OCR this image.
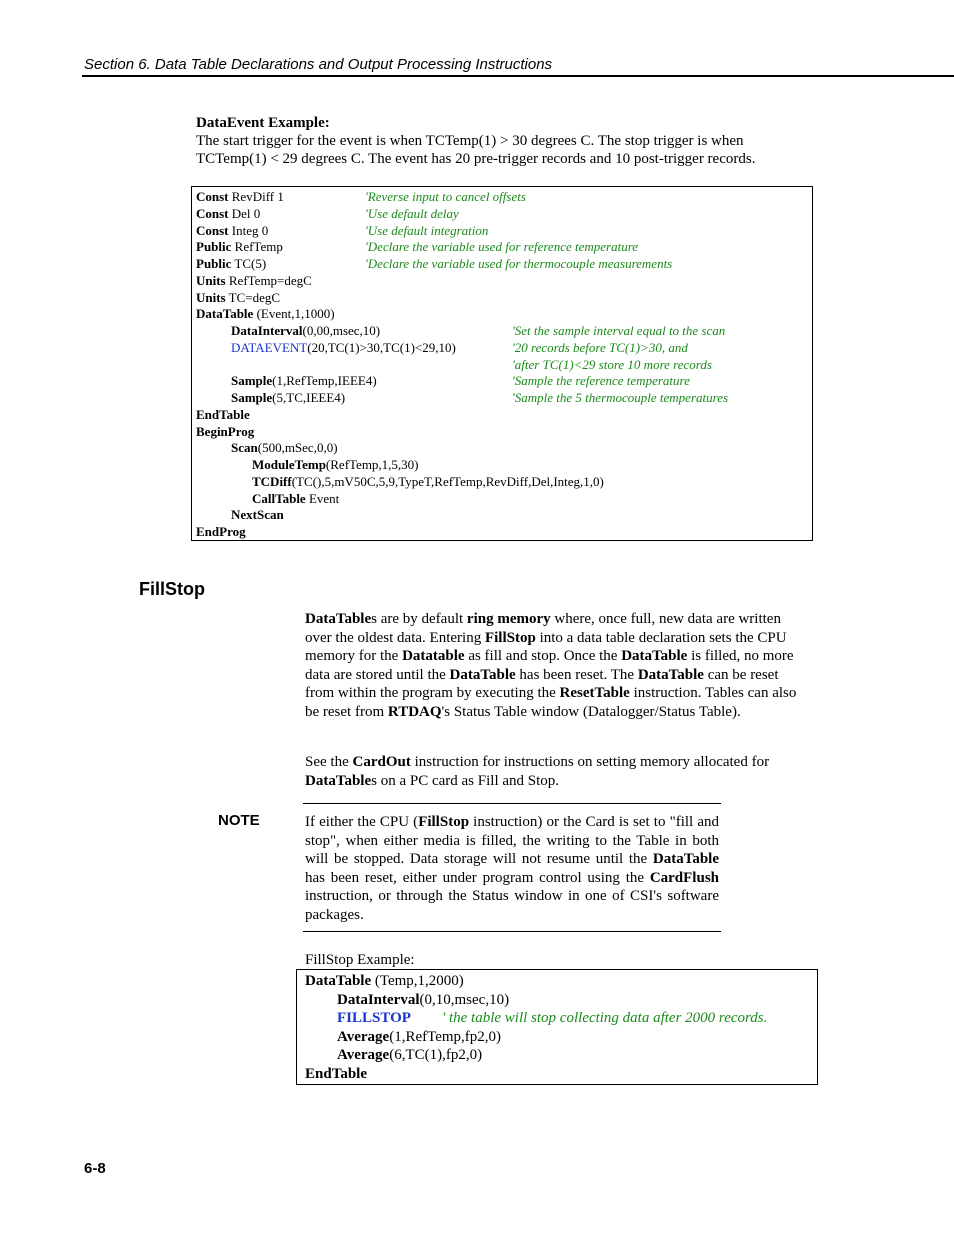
Section 6. Data Table Declarations and Output Processing Instructions
DataEvent Example:
The start trigger for the event is when TCTemp(1) > 30 degrees C. The stop trigger is when
TCTemp(1) < 29 degrees C. The event has 20 pre-trigger records and 10 post-trigger records.
Const RevDiff 1	'Reverse input to cancel offsets
Const Del 0	'Use default delay
Const Integ 0	'Use default integration
Public RefTemp	'Declare the variable used for reference temperature
Public TC(5)	'Declare the variable used for thermocouple measurements
Units RefTemp=degC
Units TC=degC
DataTable (Event,1,1000)
DataInterval(0,00,msec,10)	'Set the sample interval equal to the scan
DATAEVENT(20,TC(1)>30,TC(1)<29,10)	'20 records before TC(1)>30, and
'after TC(1)<29 store 10 more records
Sample(1,RefTemp,IEEE4)	'Sample the reference temperature
Sample(5,TC,IEEE4)	'Sample the 5 thermocouple temperatures
EndTable
BeginProg
Scan(500,mSec,0,0)
ModuleTemp(RefTemp,1,5,30)
TCDiff(TC(),5,mV50C,5,9,TypeT,RefTemp,RevDiff,Del,Integ,1,0)
CallTable Event
NextScan
EndProg
FillStop
DataTables are by default ring memory where, once full, new data are written over the oldest data. Entering FillStop into a data table declaration sets the CPU memory for the Datatable as fill and stop. Once the DataTable is filled, no more data are stored until the DataTable has been reset. The DataTable can be reset from within the program by executing the ResetTable instruction. Tables can also be reset from RTDAQ's Status Table window (Datalogger/Status Table).
See the CardOut instruction for instructions on setting memory allocated for DataTables on a PC card as Fill and Stop.
NOTE	If either the CPU (FillStop instruction) or the Card is set to "fill and stop", when either media is filled, the writing to the Table in both will be stopped. Data storage will not resume until the DataTable has been reset, either under program control using the CardFlush instruction, or through the Status window in one of CSI's software packages.
FillStop Example:
DataTable (Temp,1,2000)
DataInterval(0,10,msec,10)
FILLSTOP ' the table will stop collecting data after 2000 records.
Average(1,RefTemp,fp2,0)
Average(6,TC(1),fp2,0)
EndTable
6-8
